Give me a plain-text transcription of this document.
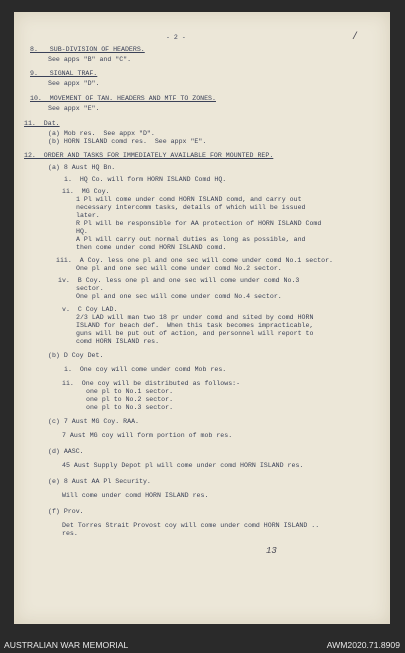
- 2 -	/
8.   SUB-DIVISION OF HEADERS.
See apps "B" and "C".
9.   SIGNAL TRAF.
See appx "D".
10.  MOVEMENT OF TAN. HEADERS AND MTF TO ZONES.
See appx "E".
11.  Dat.
(a) Mob res.  See appx "D".
(b) HORN ISLAND comd res.  See appx "E".
12.  ORDER AND TASKS FOR IMMEDIATELY AVAILABLE FOR MOUNTED REP.
(a) 8 Aust HQ Bn.
i.  HQ Co. will form HORN ISLAND Comd HQ.
ii.  MG Coy.
1 Pl will come under comd HORN ISLAND comd, and carry out
necessary intercomm tasks, details of which will be issued
later.
R Pl will be responsible for AA protection of HORN ISLAND Comd
HQ.
A Pl will carry out normal duties as long as possible, and
then come under comd HORN ISLAND comd.
iii.  A Coy. less one pl and one sec will come under comd No.1 sector.
One pl and one sec will come under comd No.2 sector.
iv.  B Coy. less one pl and one sec will come under comd No.3
sector.
One pl and one sec will come under comd No.4 sector.
v.  C Coy LAD.
2/3 LAD will man two 18 pr under comd and sited by comd HORN
ISLAND for beach def.  When this task becomes impracticable,
guns will be put out of action, and personnel will report to
comd HORN ISLAND res.
(b) D Coy Det.
i.  One coy will come under comd Mob res.
ii.  One coy will be distributed as follows:-
one pl to No.1 sector.
one pl to No.2 sector.
one pl to No.3 sector.
(c) 7 Aust MG Coy. RAA.
7 Aust MG coy will form portion of mob res.
(d) AASC.
45 Aust Supply Depot pl will come under comd HORN ISLAND res.
(e) 8 Aust AA Pl Security.
Will come under comd HORN ISLAND res.
(f) Prov.
Det Torres Strait Provost coy will come under comd HORN ISLAND ..
res.
13
AUSTRALIAN WAR MEMORIAL	AWM2020.71.8909
